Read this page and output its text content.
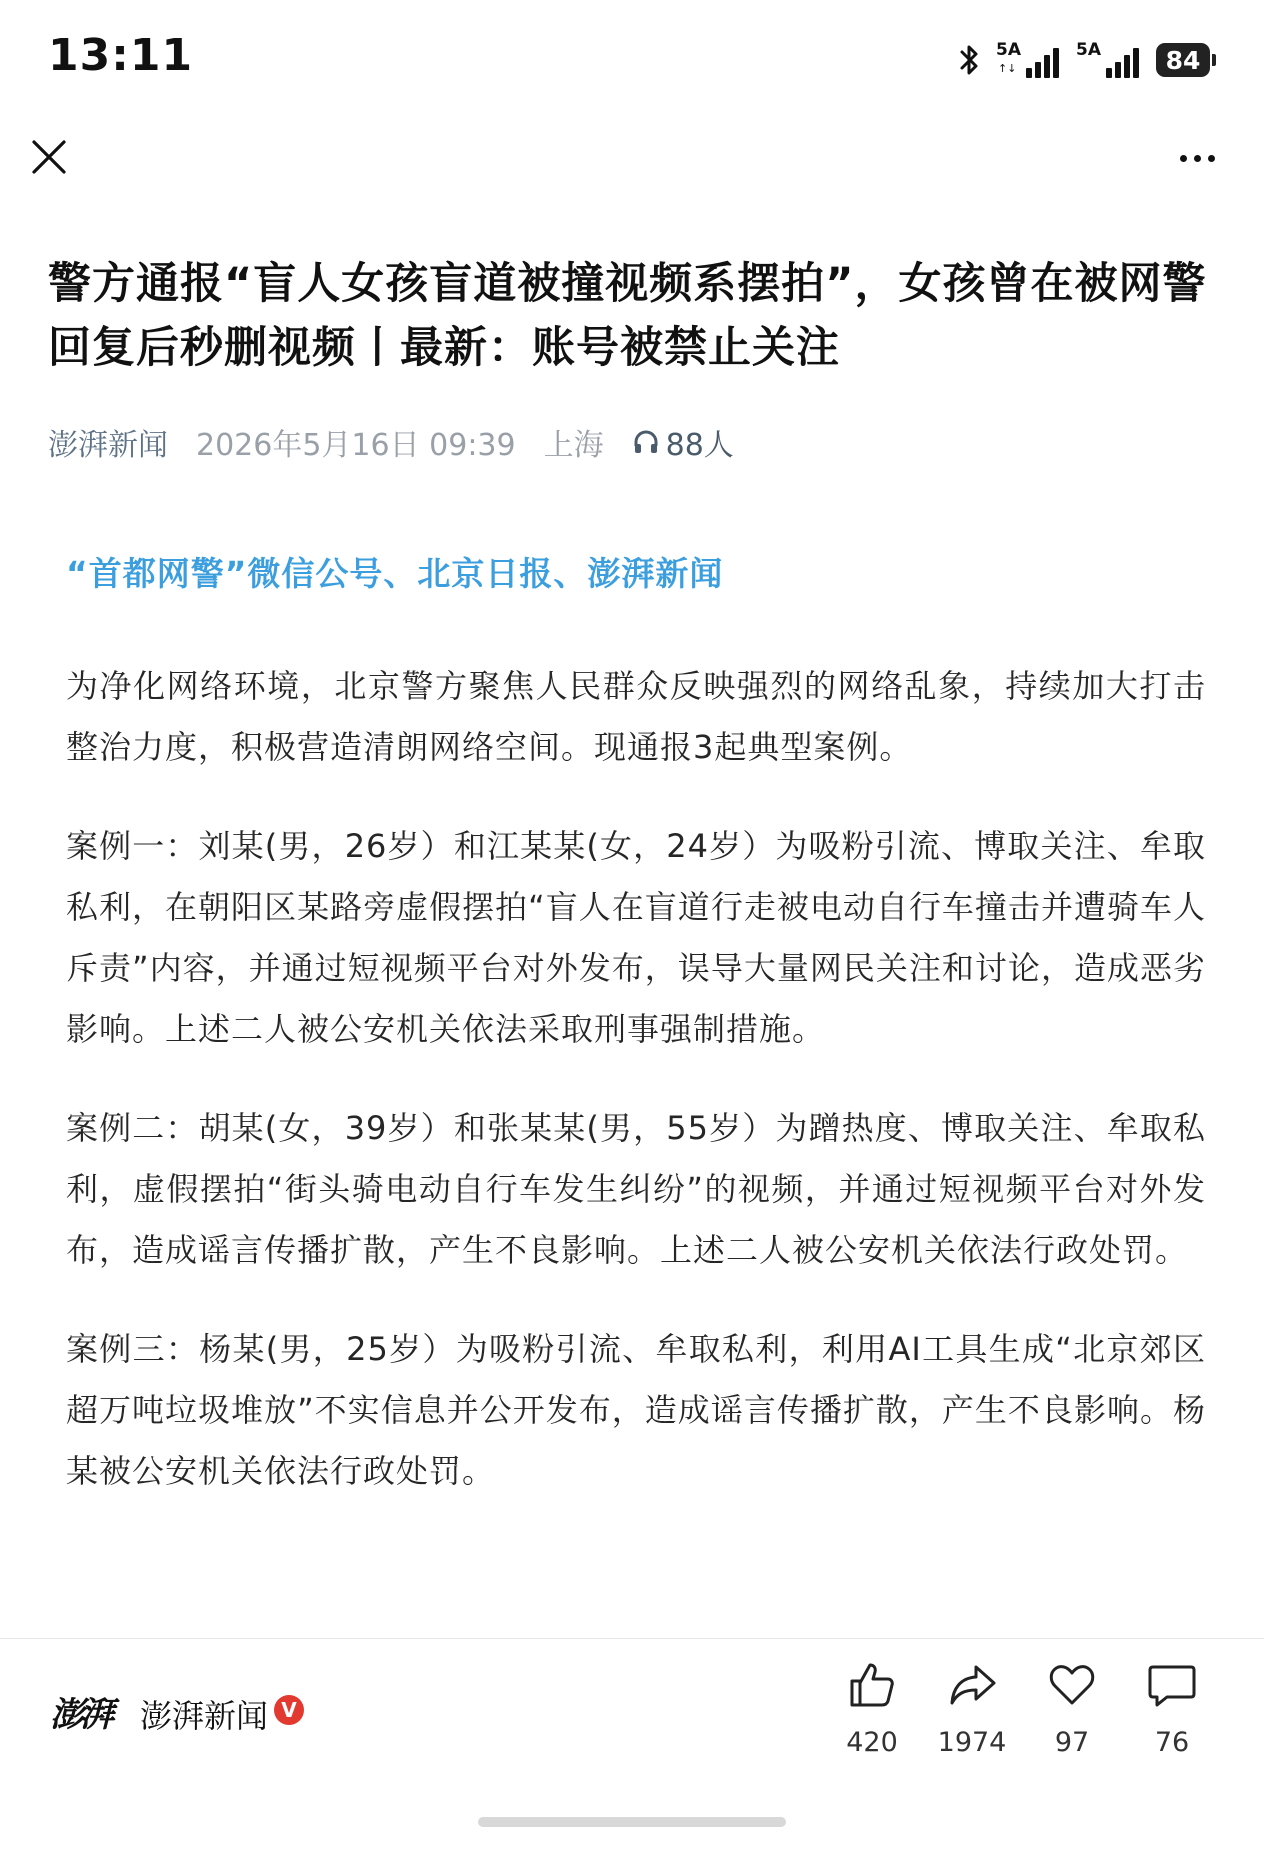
13:11	5A
↑↓
5A	84
警方通报“盲人女孩盲道被撞视频系摆拍”，女孩曾在被网警回复后秒删视频丨最新：账号被禁止关注
澎湃新闻 2026年5月16日 09:39 上海 88人
“首都网警”微信公号、北京日报、澎湃新闻

为净化网络环境，北京警方聚焦人民群众反映强烈的网络乱象，持续加大打击整治力度，积极营造清朗网络空间。现通报3起典型案例。

案例一：刘某(男，26岁）和江某某(女，24岁）为吸粉引流、博取关注、牟取私利，在朝阳区某路旁虚假摆拍“盲人在盲道行走被电动自行车撞击并遭骑车人斥责”内容，并通过短视频平台对外发布，误导大量网民关注和讨论，造成恶劣影响。上述二人被公安机关依法采取刑事强制措施。

案例二：胡某(女，39岁）和张某某(男，55岁）为蹭热度、博取关注、牟取私利，虚假摆拍“街头骑电动自行车发生纠纷”的视频，并通过短视频平台对外发布，造成谣言传播扩散，产生不良影响。上述二人被公安机关依法行政处罚。

案例三：杨某(男，25岁）为吸粉引流、牟取私利，利用AI工具生成“北京郊区超万吨垃圾堆放”不实信息并公开发布，造成谣言传播扩散，产生不良影响。杨某被公安机关依法行政处罚。

澎湃 澎湃新闻 V
420	1974	97	76
